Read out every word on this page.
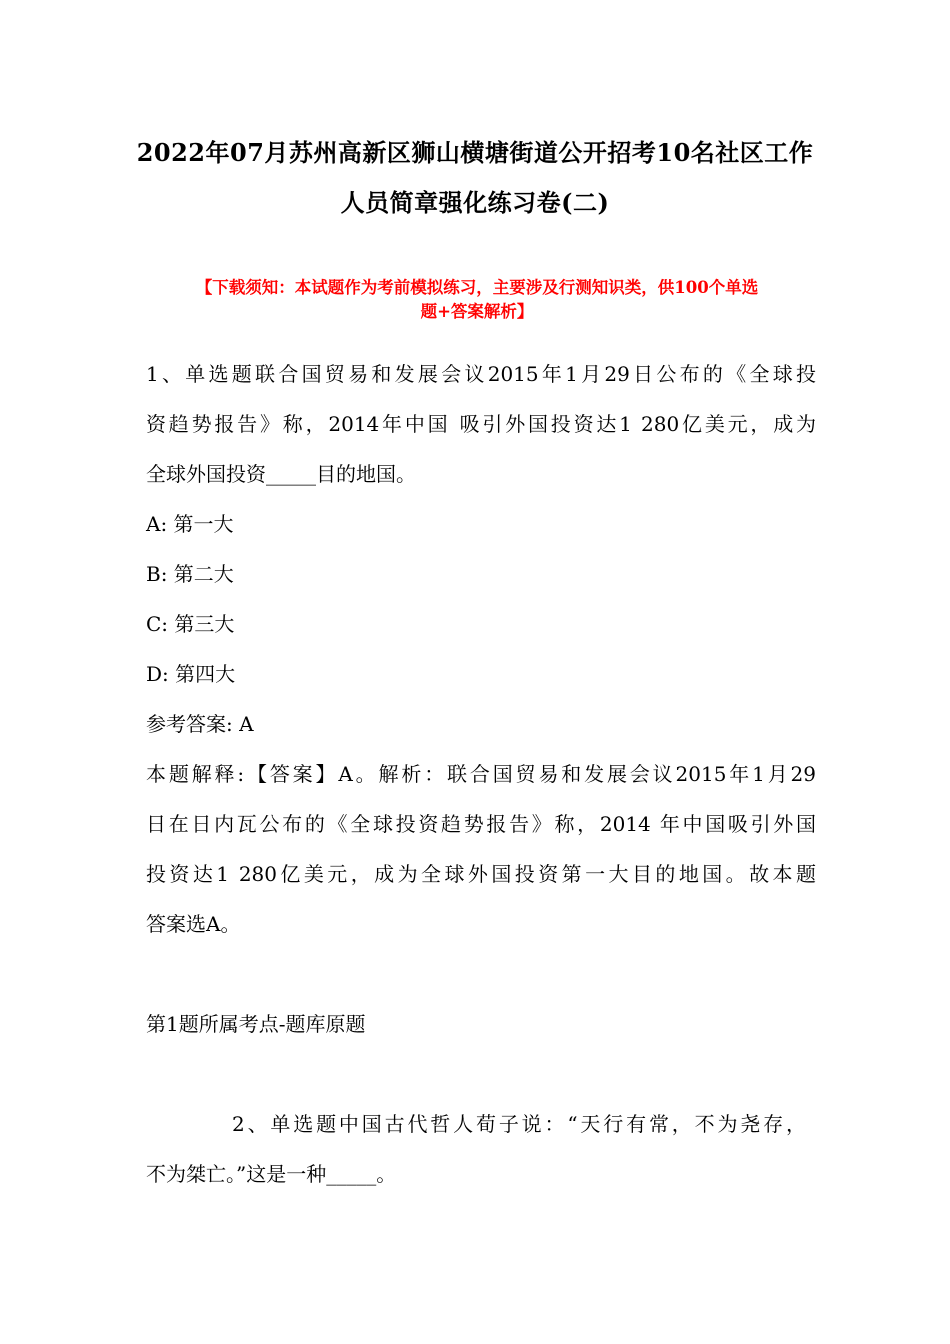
2022年07月苏州高新区狮山横塘街道公开招考10名社区工作
人员简章强化练习卷(二)
【下载须知：本试题作为考前模拟练习，主要涉及行测知识类，供100个单选
题+答案解析】
1、单选题联合国贸易和发展会议2015年1月29日公布的《全球投
资趋势报告》称，2014年中国 吸引外国投资达1 280亿美元，成为
全球外国投资_____目的地国。
A: 第一大
B: 第二大
C: 第三大
D: 第四大
参考答案: A
本题解释:【答案】A。解析：联合国贸易和发展会议2015年1月29
日在日内瓦公布的《全球投资趋势报告》称，2014 年中国吸引外国
投资达1 280亿美元，成为全球外国投资第一大目的地国。故本题
答案选A。
第1题所属考点-题库原题
2、单选题中国古代哲人荀子说：“天行有常，不为尧存，
不为桀亡。”这是一种_____。
